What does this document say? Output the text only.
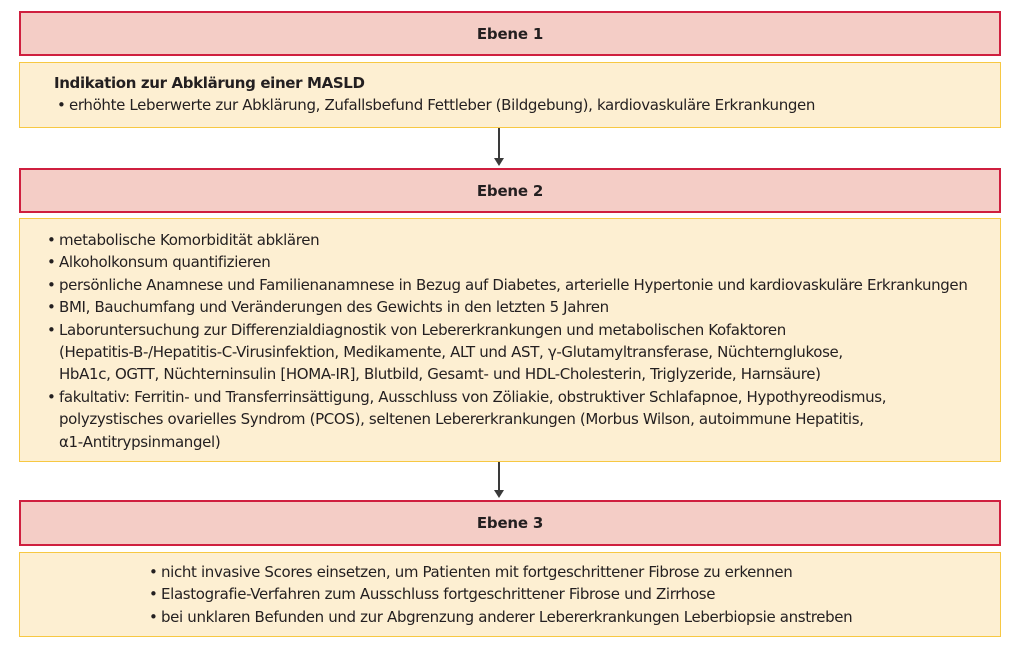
Ebene 1
Indikation zur Abklärung einer MASLD
• erhöhte Leberwerte zur Abklärung, Zufallsbefund Fettleber (Bildgebung), kardiovaskuläre Erkrankungen
Ebene 2
• metabolische Komorbidität abklären
• Alkoholkonsum quantifizieren
• persönliche Anamnese und Familienanamnese in Bezug auf Diabetes, arterielle Hypertonie und kardiovaskuläre Erkrankungen
• BMI, Bauchumfang und Veränderungen des Gewichts in den letzten 5 Jahren
• Laboruntersuchung zur Differenzialdiagnostik von Lebererkrankungen und metabolischen Kofaktoren
(Hepatitis-B-/Hepatitis-C-Virusinfektion, Medikamente, ALT und AST, γ-Glutamyltransferase, Nüchternglukose,
HbA1c, OGTT, Nüchterninsulin [HOMA-IR], Blutbild, Gesamt- und HDL-Cholesterin, Triglyzeride, Harnsäure)
• fakultativ: Ferritin- und Transferrinsättigung, Ausschluss von Zöliakie, obstruktiver Schlafapnoe, Hypothyreodismus,
polyzystisches ovarielles Syndrom (PCOS), seltenen Lebererkrankungen (Morbus Wilson, autoimmune Hepatitis,
α1-Antitrypsinmangel)
Ebene 3
• nicht invasive Scores einsetzen, um Patienten mit fortgeschrittener Fibrose zu erkennen
• Elastografie-Verfahren zum Ausschluss fortgeschrittener Fibrose und Zirrhose
• bei unklaren Befunden und zur Abgrenzung anderer Lebererkrankungen Leberbiopsie anstreben
